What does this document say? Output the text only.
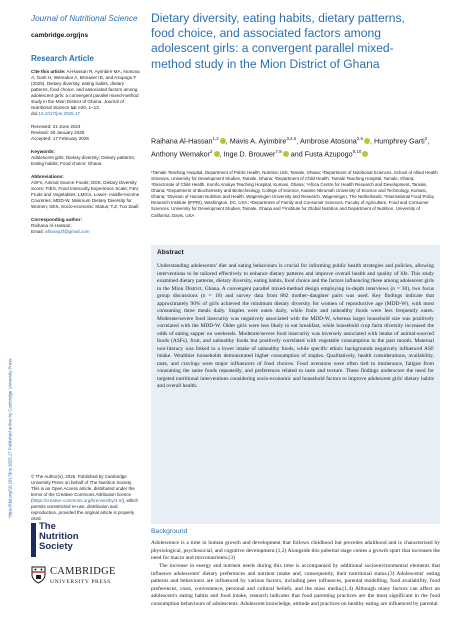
Journal of Nutritional Science
cambridge.org/jns
Research Article
Cite this article: Al-Hassan R, Ayimbire MA, Atosona A, Garti H, Wemakor A, Brouwer ID, and Azupogo F (2025). Dietary diversity, eating habits, dietary patterns, food choice, and associated factors among adolescent girls: a convergent parallel mixed-method study in the Mion District of Ghana. Journal of Nutritional Science 14: e20, 1–13. doi:10.1017/jns.2025.17
Received: 21 June 2024
Revised: 30 January 2025
Accepted: 17 February 2025
Keywords:
Adolescent girls; Dietary diversity; Dietary patterns; Eating habits; Food choice; Ghana
Abbreviations:
ASFs, Animal Source Foods; DDS, Dietary Diversity Score; FIES, Food Insecurity Experience Scale; F&V, Fruits and Vegetables; LMICs, Lower- middle-Income Countries; MDD-W, Minimum Dietary Diversity for Women; SES, Socio-economic Status; T.Z, Tuo Zaafi
Corresponding author:
Raihana Al-Hassan;
Email: alharay2f@gmail.com
© The Author(s), 2025. Published by Cambridge University Press on behalf of The Nutrition Society. This is an Open Access article, distributed under the terms of the Creative Commons Attribution licence (https://creative commons.org/licenses/by/4.0/), which permits unrestricted re-use, distribution and reproduction, provided the original article is properly cited.
The
Nutrition
Society
CAMBRIDGE
UNIVERSITY PRESS
https://doi.org/10.1017/jns.2025.17 Published online by Cambridge University Press
Dietary diversity, eating habits, dietary patterns, food choice, and associated factors among adolescent girls: a convergent parallel mixed-method study in the Mion District of Ghana
Raihana Al-Hassan$^{1,2}$ , Mavis A. Ayimbire$^{3,4,5}$, Ambrose Atosona$^{2,6}$ , Humphrey Garti$^2$, Anthony Wemakor$^2$ , Inge D. Brouwer$^{7,8}$ and Fusta Azupogo$^{9,10}$
¹Tamale Teaching Hospital, Department of Public Health, Nutrition Unit, Tamale, Ghana; ²Department of Nutritional Sciences, School of Allied Health Sciences, University for Development Studies, Tamale, Ghana; ³Department of Child Health, Tamale Teaching Hospital, Tamale, Ghana; ⁴Directorate of Child Health, Komfo Anokye Teaching Hospital, Kumasi, Ghana; ⁵Africa Centre for Health Research and Development, Tamale, Ghana; ⁶Department of Biochemistry and Biotechnology, College of Science, Kwame Nkrumah University of Science and Technology, Kumasi, Ghana; ⁷Division of Human Nutrition and Health, Wageningen University and Research, Wageningen, The Netherlands; ⁸International Food Policy Research Institute (IFPRI), Washington, DC, USA; ⁹Department of Family and Consumer Sciences, Faculty of Agriculture, Food and Consumer Sciences, University for Development Studies, Tamale, Ghana and ¹⁰Institute for Global Nutrition and Department of Nutrition, University of California, Davis, USA
Abstract
Understanding adolescents' diet and eating behaviours is crucial for informing public health strategies and policies, allowing interventions to be tailored effectively to enhance dietary patterns and improve overall health and quality of life. This study examined dietary patterns, dietary diversity, eating habits, food choice and the factors influencing these among adolescent girls in the Mion District, Ghana. A convergent parallel mixed-method design employing in-depth interviews (n = 30), two focus group discussions (n = 10) and survey data from 882 mother–daughter pairs was used. Key findings indicate that approximately 90% of girls achieved the minimum dietary diversity for women of reproductive age (MDD-W), with most consuming three meals daily. Staples were eaten daily, while fruits and unhealthy foods were less frequently eaten. Moderate/severe food insecurity was negatively associated with the MDD-W, whereas larger household size was positively correlated with the MDD-W. Older girls were less likely to eat breakfast, while household crop farm diversity increased the odds of eating supper on weekends. Moderate/severe food insecurity was inversely associated with intake of animal-sourced foods (ASFs), fruit, and unhealthy foods but positively correlated with vegetable consumption in the past month. Maternal non-literacy was linked to a lower intake of unhealthy foods, while specific ethnic backgrounds negatively influenced ASF intake. Wealthier households demonstrated higher consumption of staples. Qualitatively, health considerations, availability, taste, and cravings were major influencers of food choices. Food aversions were often tied to intolerance, fatigue from consuming the same foods repeatedly, and preferences related to taste and texture. These findings underscore the need for targeted nutritional interventions considering socio-economic and household factors to improve adolescent girls' dietary habits and overall health.
Background

Adolescence is a time in human growth and development that follows childhood but precedes adulthood and is characterised by physiological, psychosocial, and cognitive development.(1,2) Alongside this pubertal stage comes a growth spurt that increases the need for macro and micronutrients.(3)

The increase in energy and nutrient needs during this time is accompanied by additional socioenvironmental elements that influence adolescents' dietary preferences and nutrient intake and, consequently, their nutritional status.(3) Adolescents' eating patterns and behaviours are influenced by various factors, including peer influences, parental modelling, food availability, food preferences, costs, convenience, personal and cultural beliefs, and the mass media.(1,4) Although many factors can affect an adolescent's eating habits and food intake, research indicates that food parenting practices are the most significant in the food consumption behaviours of adolescents. Adolescent knowledge, attitude and practices on healthy eating are influenced by parental
